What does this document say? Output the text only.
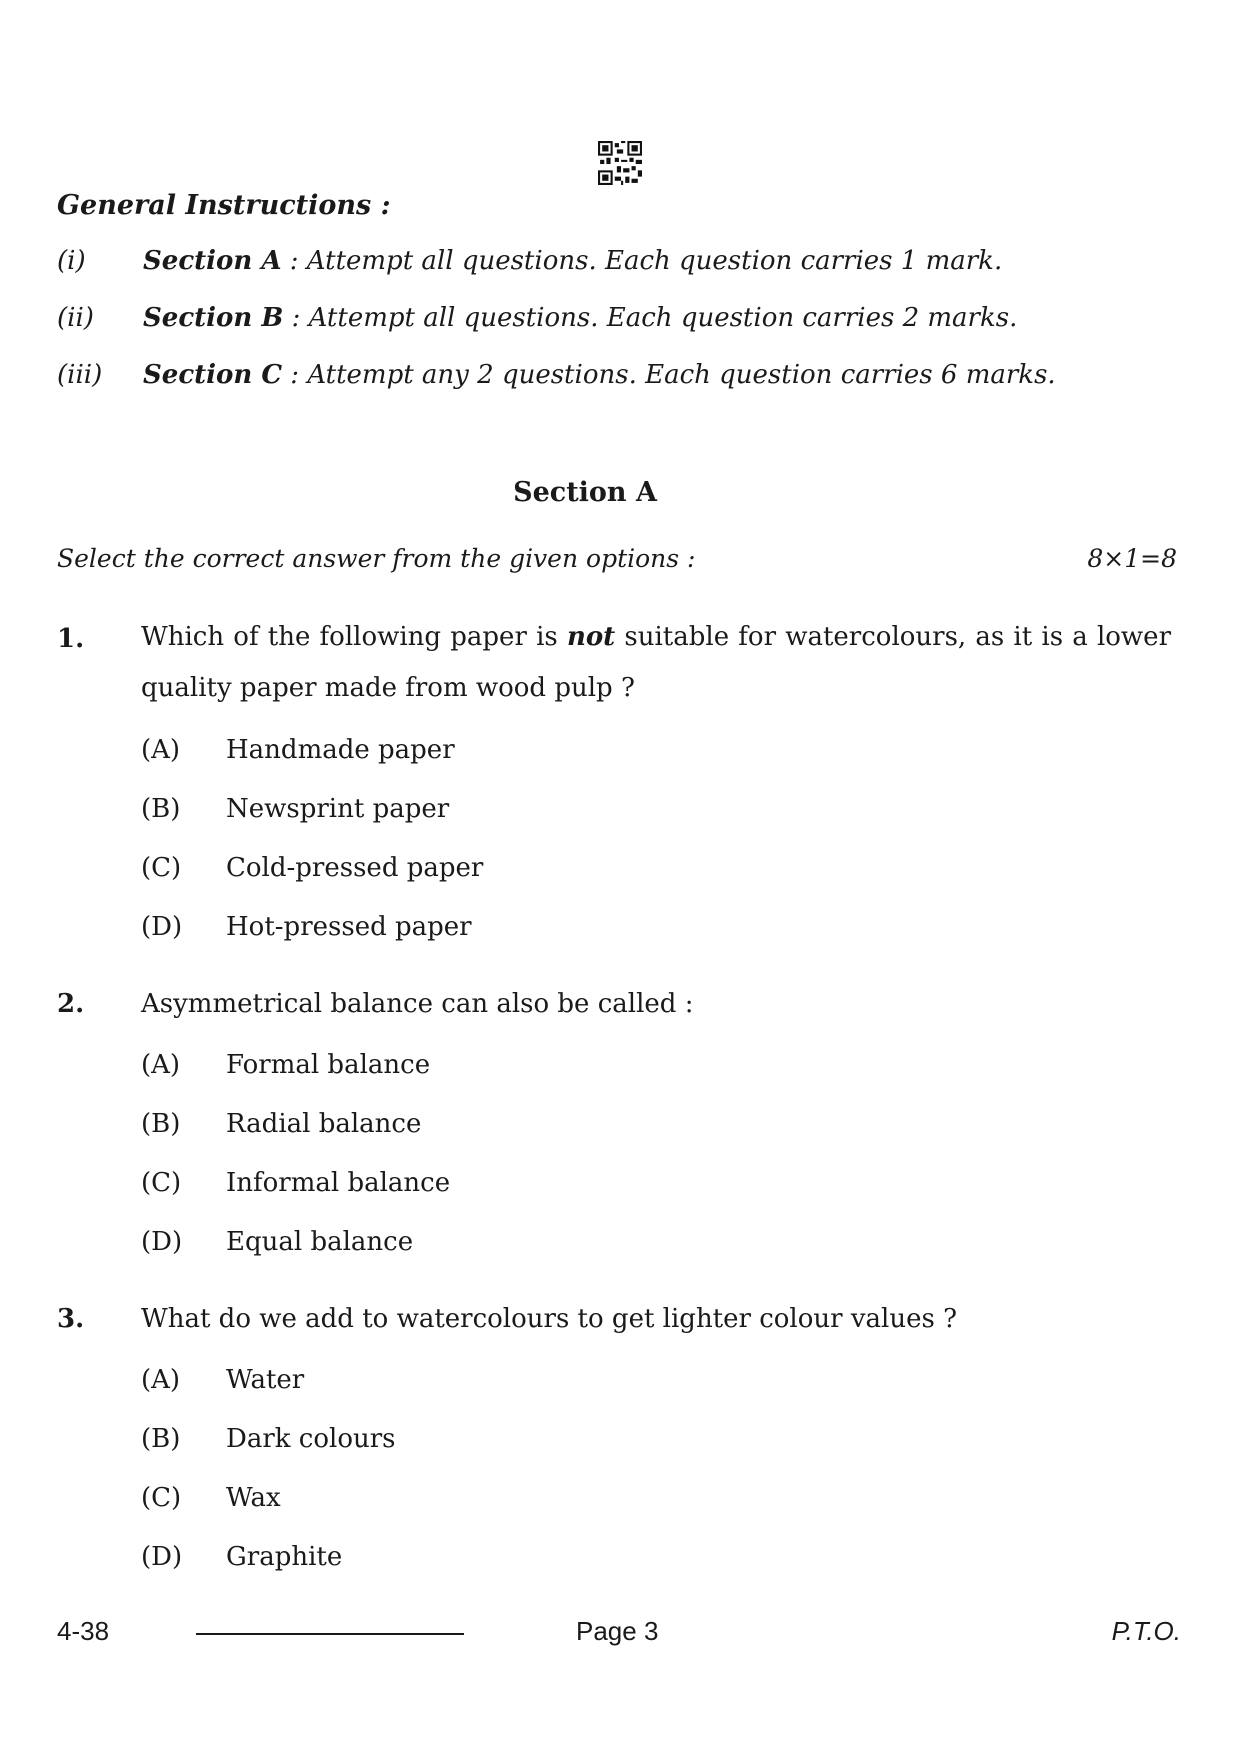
General Instructions :
(i) Section A : Attempt all questions. Each question carries 1 mark.
(ii) Section B : Attempt all questions. Each question carries 2 marks.
(iii) Section C : Attempt any 2 questions. Each question carries 6 marks.
Section A
Select the correct answer from the given options :	8×1=8
1. Which of the following paper is not suitable for watercolours, as it is a lower quality paper made from wood pulp ?
(A) Handmade paper
(B) Newsprint paper
(C) Cold-pressed paper
(D) Hot-pressed paper
2. Asymmetrical balance can also be called :
(A) Formal balance
(B) Radial balance
(C) Informal balance
(D) Equal balance
3. What do we add to watercolours to get lighter colour values ?
(A) Water
(B) Dark colours
(C) Wax
(D) Graphite
4-38	Page 3	P.T.O.
